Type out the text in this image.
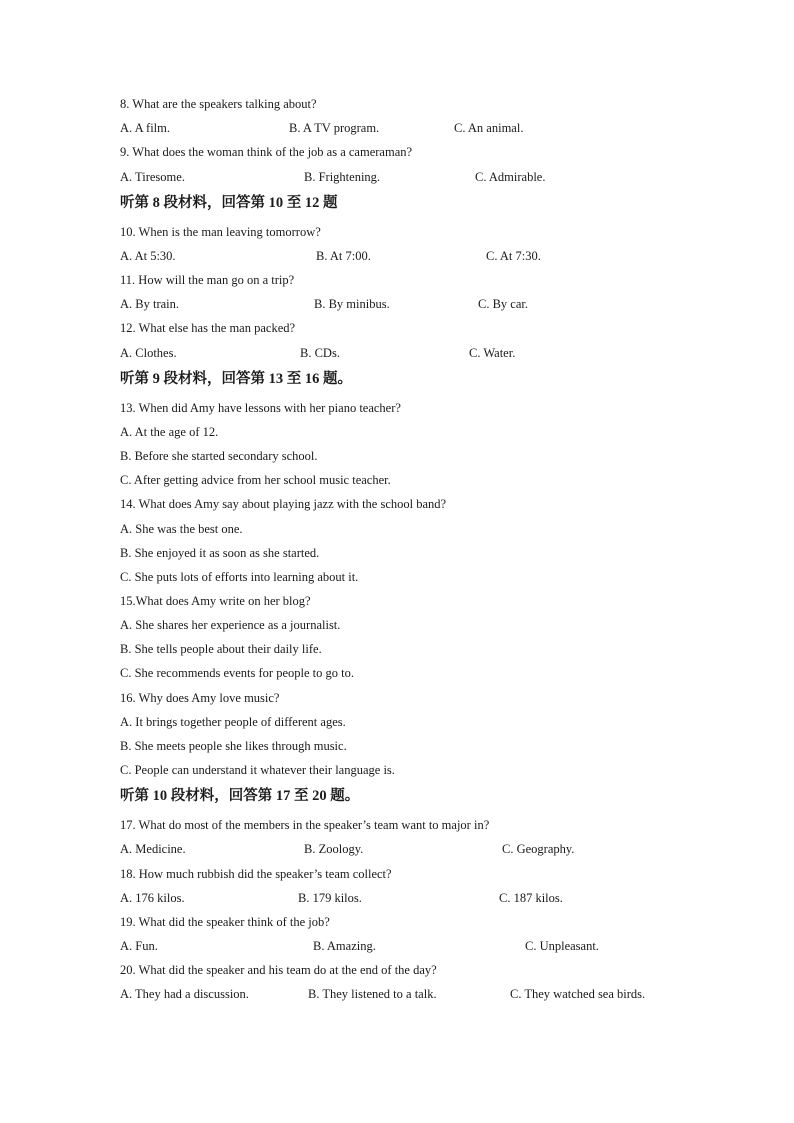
8. What are the speakers talking about?
A. A film.	B. A TV program.	C. An animal.
9. What does the woman think of the job as a cameraman?
A. Tiresome.	B. Frightening.	C. Admirable.
听第 8 段材料，回答第 10 至 12 题
10. When is the man leaving tomorrow?
A. At 5:30.	B. At 7:00.	C. At 7:30.
11. How will the man go on a trip?
A. By train.	B. By minibus.	C. By car.
12. What else has the man packed?
A. Clothes.	B. CDs.	C. Water.
听第 9 段材料，回答第 13 至 16 题。
13. When did Amy have lessons with her piano teacher?
A. At the age of 12.
B. Before she started secondary school.
C. After getting advice from her school music teacher.
14. What does Amy say about playing jazz with the school band?
A. She was the best one.
B. She enjoyed it as soon as she started.
C. She puts lots of efforts into learning about it.
15.What does Amy write on her blog?
A. She shares her experience as a journalist.
B. She tells people about their daily life.
C. She recommends events for people to go to.
16. Why does Amy love music?
A. It brings together people of different ages.
B. She meets people she likes through music.
C. People can understand it whatever their language is.
听第 10 段材料，回答第 17 至 20 题。
17. What do most of the members in the speaker’s team want to major in?
A. Medicine.	B. Zoology.	C. Geography.
18. How much rubbish did the speaker’s team collect?
A. 176 kilos.	B. 179 kilos.	C. 187 kilos.
19. What did the speaker think of the job?
A. Fun.	B. Amazing.	C. Unpleasant.
20. What did the speaker and his team do at the end of the day?
A. They had a discussion.	B. They listened to a talk.	C. They watched sea birds.
